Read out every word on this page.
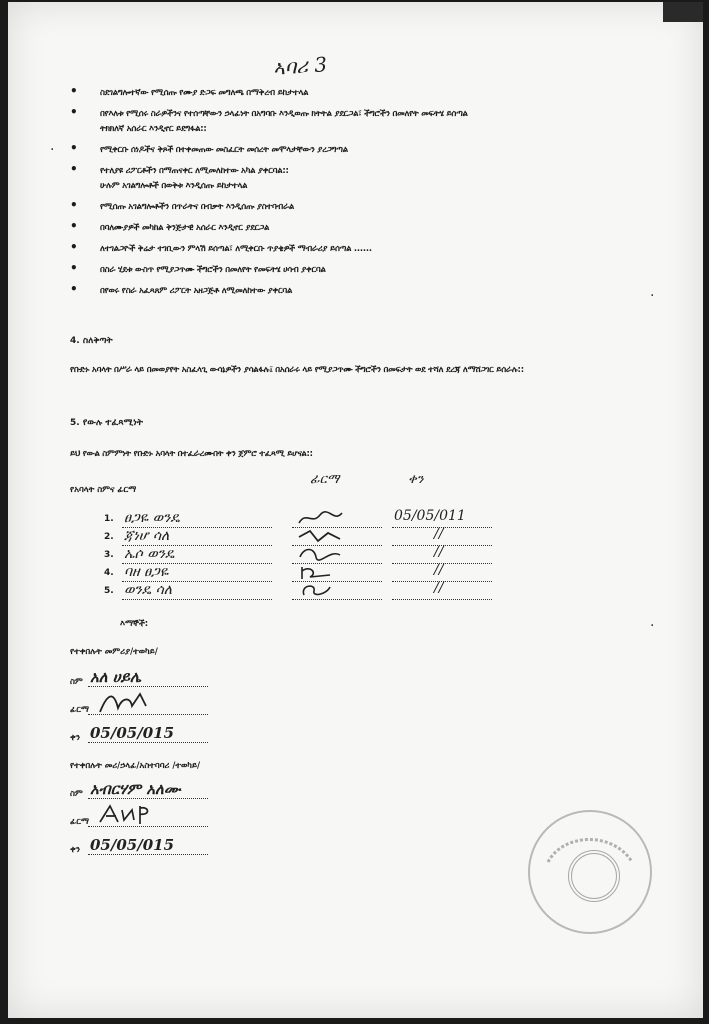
ኣባሪ 3
• ስደገልግሎተኛው የሚሰጡ የሙያ ድጋፍ መግለጫ በማቅረብ ይከታተላል
• በየእለቱ የሚሰሩ ስራዎችንና የተሰጣቸውን ኃላፊነት በአግባቡ እንዲወጡ ክትትል ያደርጋል፣ ችግሮችን በመለየት መፍትሄ ይሰጣል
ትክክለኛ አሰራር እንዲኖር ይደግፋል::
• የሚቀርቡ ሰነዶችና ቅጾች በተቀመጠው መስፈርት መሰረት መሞላታቸውን ያረጋግጣል
• የተለያዩ ሪፖርቶችን በማጠናቀር ለሚመለከተው አካል ያቀርባል::
ሁሉም አገልግሎቶች በወቅቱ እንዲሰጡ ይከታተላል
• የሚሰጡ አገልግሎቶችን በጥራትና በብቃት እንዲሰጡ ያስተባብራል
• በባለሙያዎች መካከል ቅንጅታዊ አሰራር እንዲኖር ያደርጋል
• ለተገልጋዮች ቅሬታ ተገቢውን ምላሽ ይሰጣል፣ ለሚቀርቡ ጥያቄዎች ማብራሪያ ይሰጣል ......
• በስራ ሂደቱ ውስጥ የሚያጋጥሙ ችግሮችን በመለየት የመፍትሄ ሀሳብ ያቀርባል
• በየወሩ የስራ አፈጻጸም ሪፖርት አዘጋጅቶ ለሚመለከተው ያቀርባል
4. ስለቅጣት
የቡድኑ አባላት በሥራ ላይ በመወያየት አስፈላጊ ውሳኔዎችን ያሳልፋሉ፤ በአሰራሩ ላይ የሚያጋጥሙ ችግሮችን በመፍታት ወደ ተሻለ ደረጃ ለማሸጋገር ይሰራሉ::
5. የውሉ ተፈጻሚነት
ይህ የውል ስምምነት የቡድኑ አባላት በተፈራረሙበት ቀን ጀምሮ ተፈጻሚ ይሆናል::
የአባላት ስምና ፊርማ
ፊርማ	ቀን
1. ፀጋዬ ወንዴ	05/05/011
2. ጃነሆ ሳለ	//
3. ኤሶ ወንዴ	//
4. ባዘ ፀጋዬ	//
5. ወንዴ ሳለ	//
እማኞች:
የተቀበሉት መምሪያ/ተወካይ/
ስም አለ ሀይሌ
ፊርማ
ቀን 05/05/015
የተቀበሉት መሪ/ኃላፊ/አስተባባሪ /ተወካይ/
ስም አብርሃም አለሙ
ፊርማ
ቀን 05/05/015
·
·
·
